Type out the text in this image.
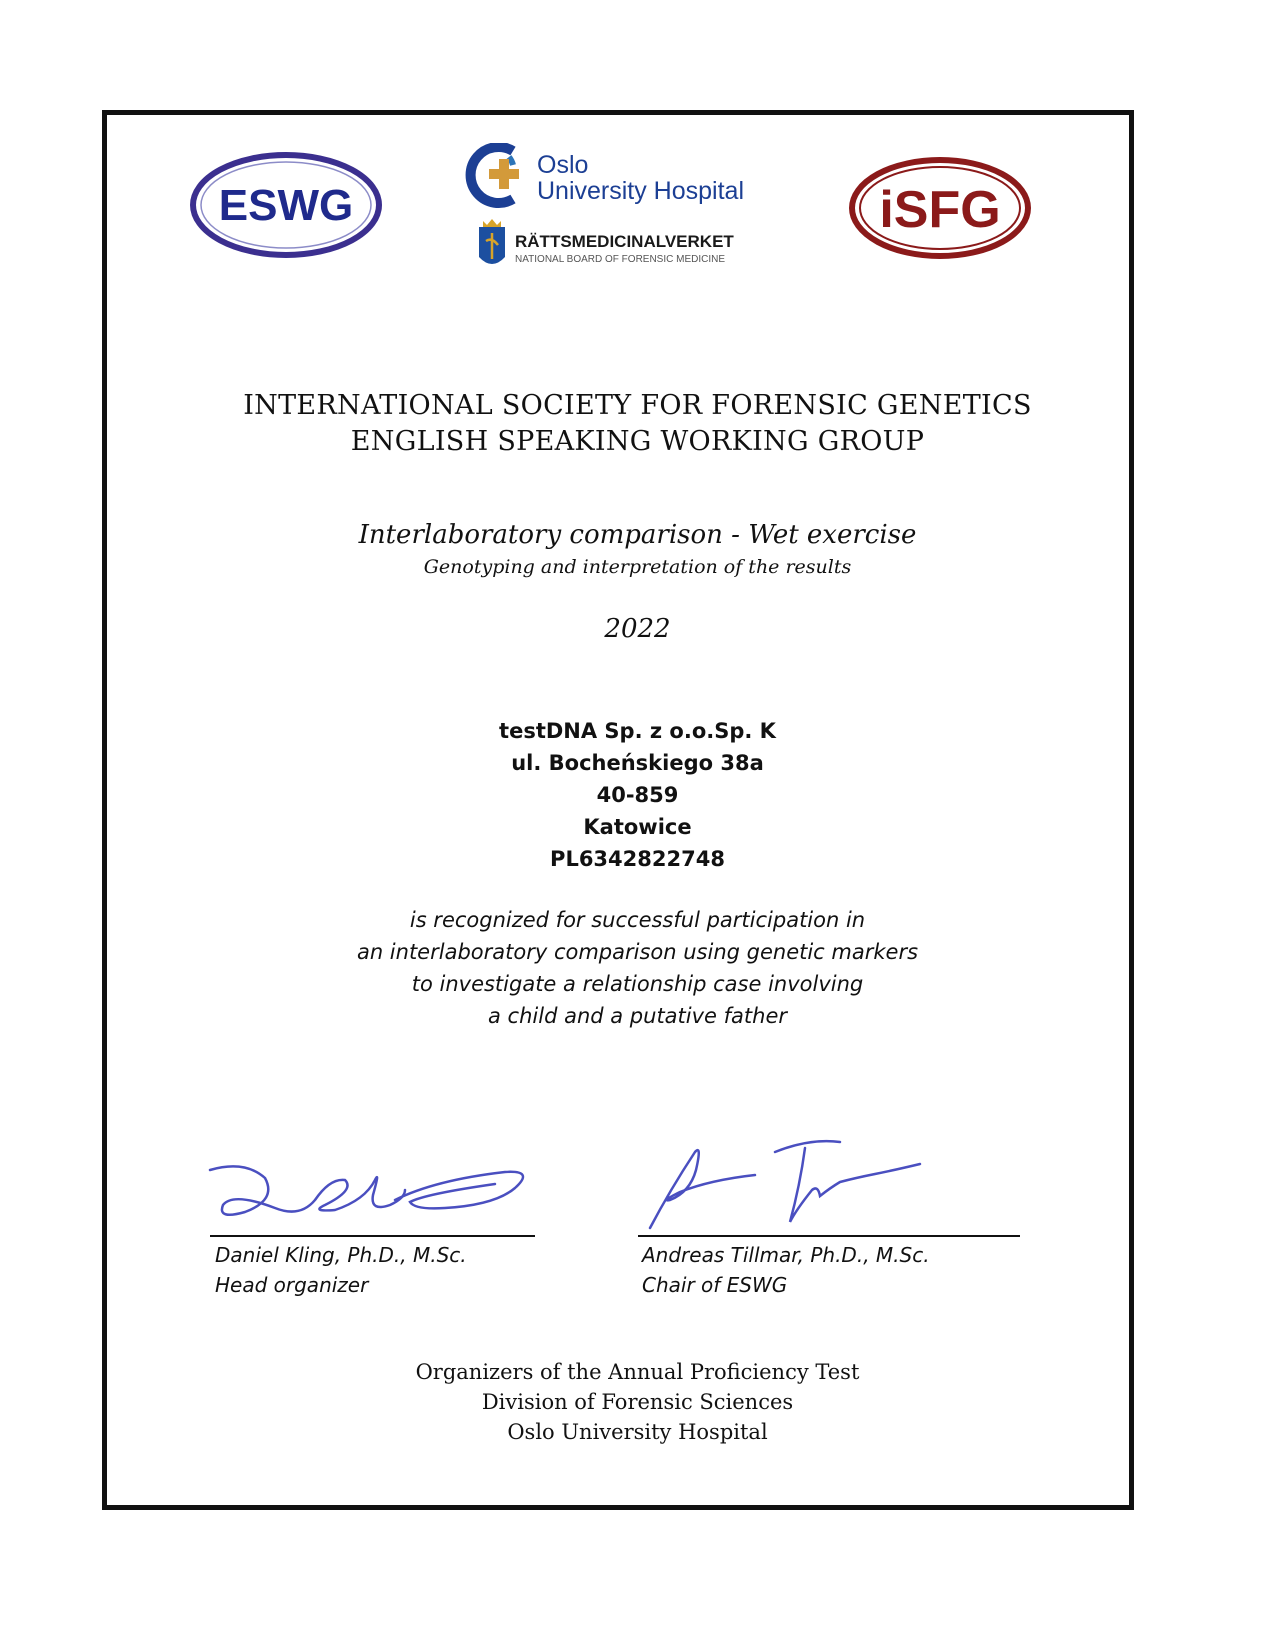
ESWG
Oslo
University Hospital
RÄTTSMEDICINALVERKET
NATIONAL BOARD OF FORENSIC MEDICINE
iSFG
INTERNATIONAL SOCIETY FOR FORENSIC GENETICS
ENGLISH SPEAKING WORKING GROUP
Interlaboratory comparison - Wet exercise
Genotyping and interpretation of the results
2022
testDNA Sp. z o.o.Sp. K
ul. Bocheńskiego 38a
40-859
Katowice
PL6342822748
is recognized for successful participation in
an interlaboratory comparison using genetic markers
to investigate a relationship case involving
a child and a putative father
Daniel Kling, Ph.D., M.Sc.
Head organizer
Andreas Tillmar, Ph.D., M.Sc.
Chair of ESWG
Organizers of the Annual Proficiency Test
Division of Forensic Sciences
Oslo University Hospital
